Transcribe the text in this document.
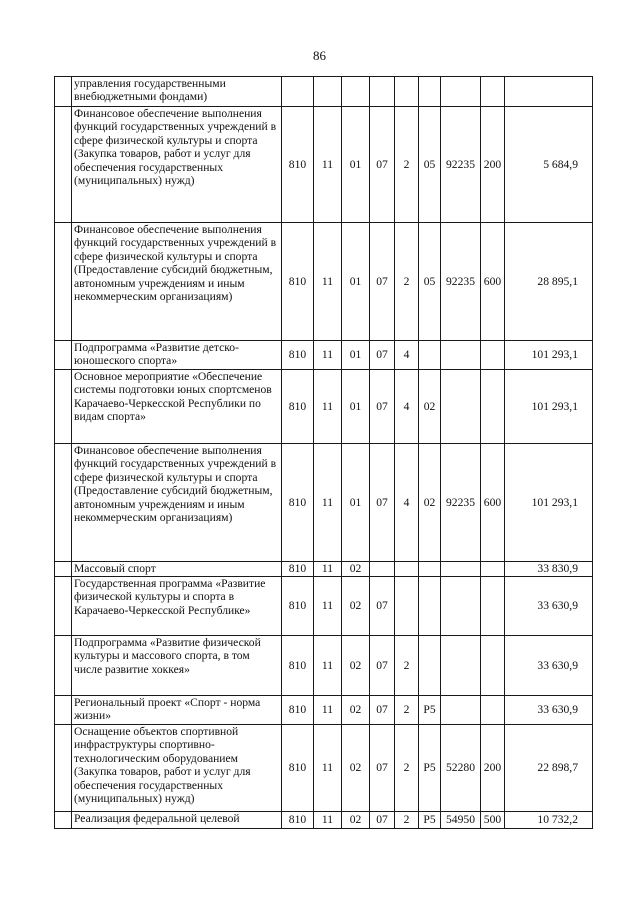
86
	управления государственными внебюджетными фондами)									
	Финансовое обеспечение выполнения функций государственных учреждений в сфере физической культуры и спорта (Закупка товаров, работ и услуг для обеспечения государственных (муниципальных) нужд)	810	11	01	07	2	05	92235	200	5 684,9
	Финансовое обеспечение выполнения функций государственных учреждений в сфере физической культуры и спорта (Предоставление субсидий бюджетным, автономным учреждениям и иным некоммерческим организациям)	810	11	01	07	2	05	92235	600	28 895,1
	Подпрограмма «Развитие детско-юношеского спорта»	810	11	01	07	4				101 293,1
	Основное мероприятие «Обеспечение системы подготовки юных спортсменов Карачаево-Черкесской Республики по видам спорта»	810	11	01	07	4	02			101 293,1
	Финансовое обеспечение выполнения функций государственных учреждений в сфере физической культуры и спорта (Предоставление субсидий бюджетным, автономным учреждениям и иным некоммерческим организациям)	810	11	01	07	4	02	92235	600	101 293,1
	Массовый спорт	810	11	02						33 830,9
	Государственная программа «Развитие физической культуры и спорта в Карачаево-Черкесской Республике»	810	11	02	07					33 630,9
	Подпрограмма «Развитие физической культуры и массового спорта, в том числе развитие хоккея»	810	11	02	07	2				33 630,9
	Региональный проект «Спорт - норма жизни»	810	11	02	07	2	P5			33 630,9
	Оснащение объектов спортивной инфраструктуры спортивно-технологическим оборудованием (Закупка товаров, работ и услуг для обеспечения государственных (муниципальных) нужд)	810	11	02	07	2	P5	52280	200	22 898,7
	Реализация федеральной целевой	810	11	02	07	2	P5	54950	500	10 732,2
